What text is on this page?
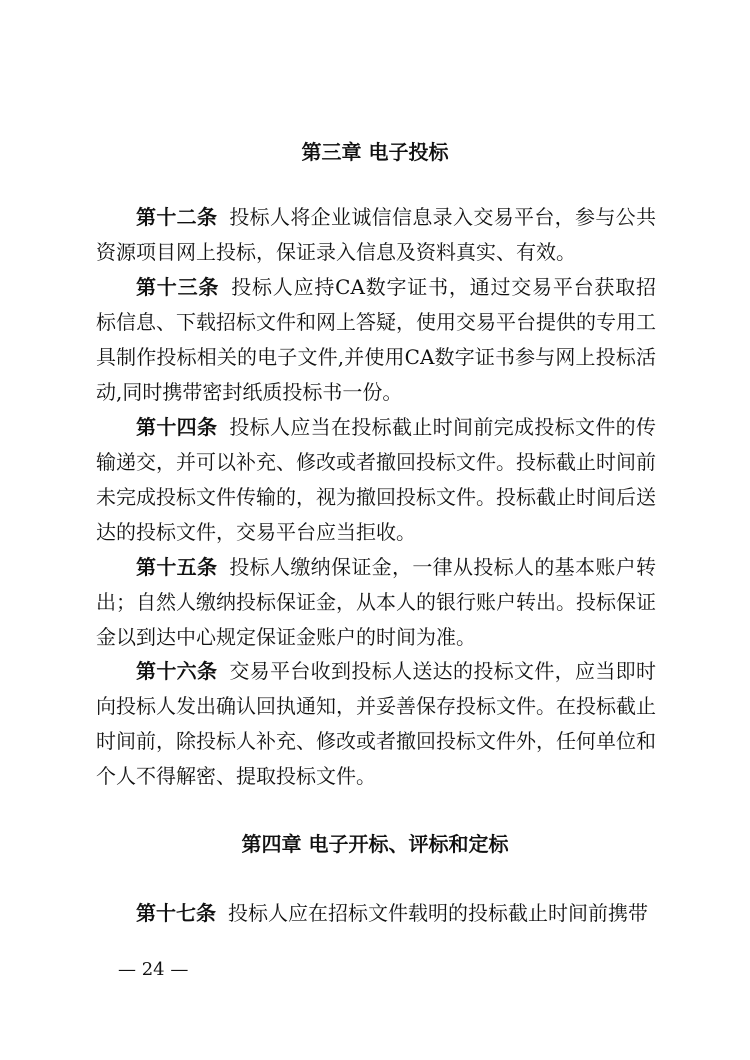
第三章 电子投标
第十二条 投标人将企业诚信信息录入交易平台，参与公共资源项目网上投标，保证录入信息及资料真实、有效。
第十三条 投标人应持CA数字证书，通过交易平台获取招标信息、下载招标文件和网上答疑，使用交易平台提供的专用工具制作投标相关的电子文件,并使用CA数字证书参与网上投标活动,同时携带密封纸质投标书一份。
第十四条 投标人应当在投标截止时间前完成投标文件的传输递交，并可以补充、修改或者撤回投标文件。投标截止时间前未完成投标文件传输的，视为撤回投标文件。投标截止时间后送达的投标文件，交易平台应当拒收。
第十五条 投标人缴纳保证金，一律从投标人的基本账户转出；自然人缴纳投标保证金，从本人的银行账户转出。投标保证金以到达中心规定保证金账户的时间为准。
第十六条 交易平台收到投标人送达的投标文件，应当即时向投标人发出确认回执通知，并妥善保存投标文件。在投标截止时间前，除投标人补充、修改或者撤回投标文件外，任何单位和个人不得解密、提取投标文件。
第四章 电子开标、评标和定标
第十七条 投标人应在招标文件载明的投标截止时间前携带
— 24 —
